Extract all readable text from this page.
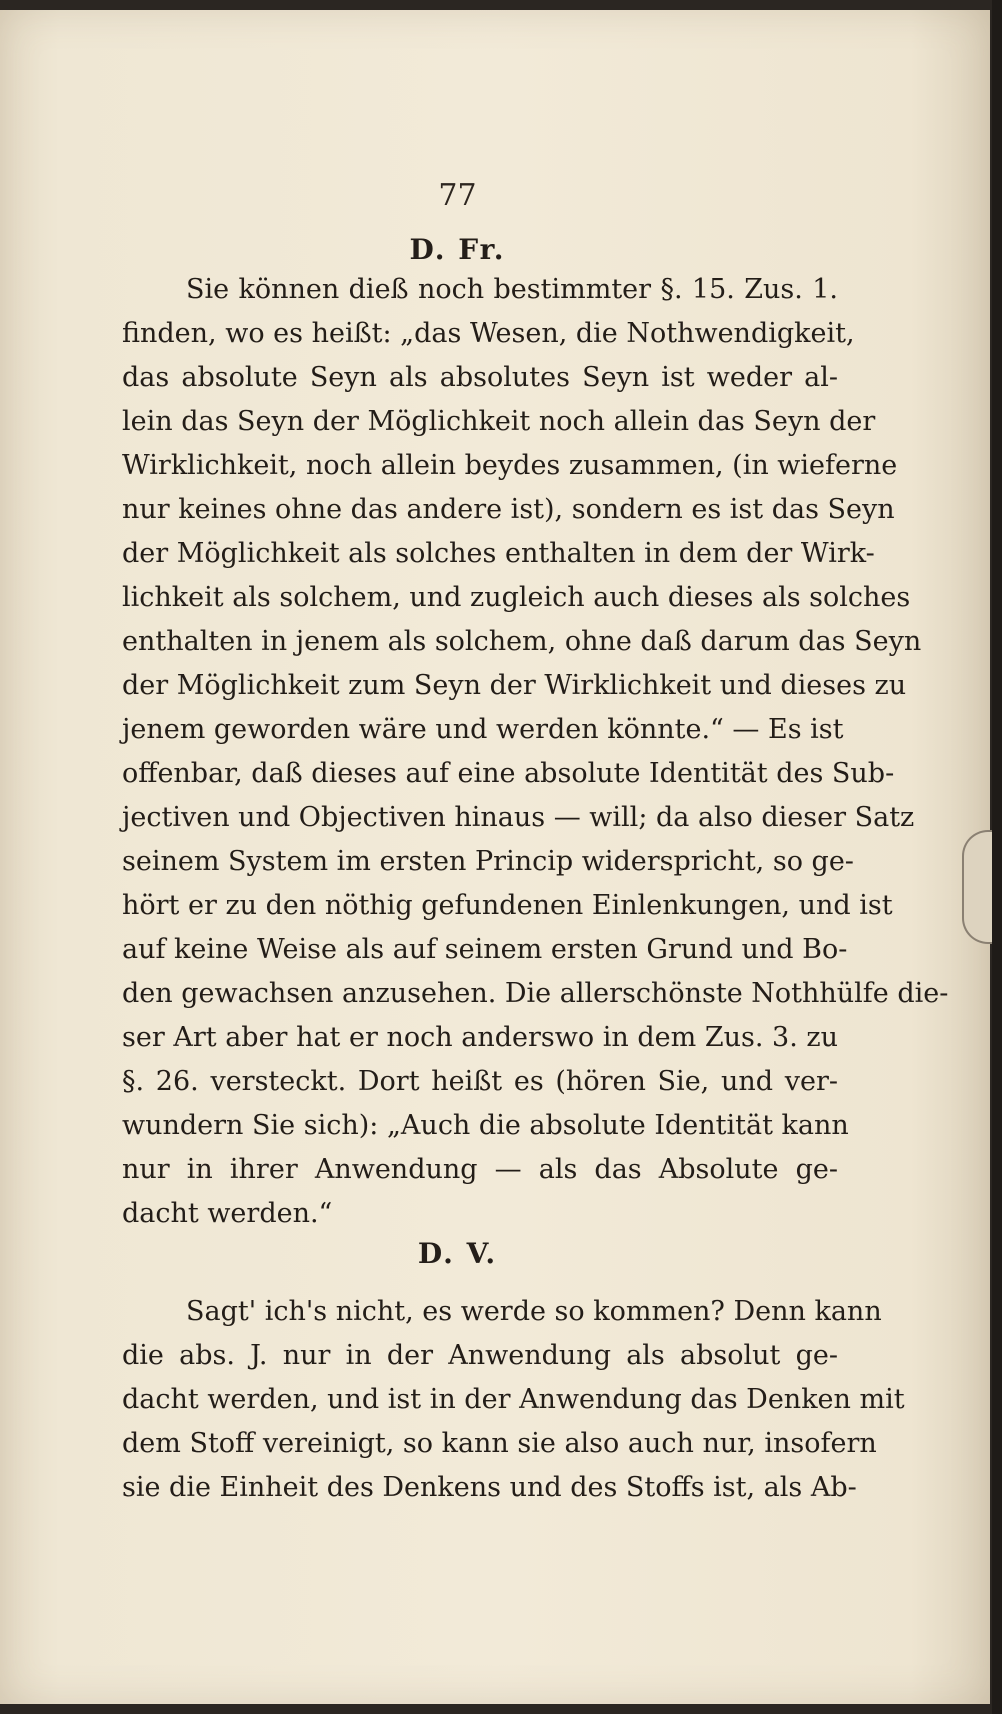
77
D. Fr.
Sie können dieß noch bestimmter §. 15. Zus. 1.
finden, wo es heißt: „das Wesen, die Nothwendigkeit,
das absolute Seyn als absolutes Seyn ist weder al-
lein das Seyn der Möglichkeit noch allein das Seyn der
Wirklichkeit, noch allein beydes zusammen, (in wieferne
nur keines ohne das andere ist), sondern es ist das Seyn
der Möglichkeit als solches enthalten in dem der Wirk-
lichkeit als solchem, und zugleich auch dieses als solches
enthalten in jenem als solchem, ohne daß darum das Seyn
der Möglichkeit zum Seyn der Wirklichkeit und dieses zu
jenem geworden wäre und werden könnte.“ — Es ist
offenbar, daß dieses auf eine absolute Identität des Sub-
jectiven und Objectiven hinaus — will; da also dieser Satz
seinem System im ersten Princip widerspricht, so ge-
hört er zu den nöthig gefundenen Einlenkungen, und ist
auf keine Weise als auf seinem ersten Grund und Bo-
den gewachsen anzusehen. Die allerschönste Nothhülfe die-
ser Art aber hat er noch anderswo in dem Zus. 3. zu
§. 26. versteckt. Dort heißt es (hören Sie, und ver-
wundern Sie sich): „Auch die absolute Identität kann
nur in ihrer Anwendung — als das Absolute ge-
dacht werden.“
D. V.
Sagt' ich's nicht, es werde so kommen? Denn kann
die abs. J. nur in der Anwendung als absolut ge-
dacht werden, und ist in der Anwendung das Denken mit
dem Stoff vereinigt, so kann sie also auch nur, insofern
sie die Einheit des Denkens und des Stoffs ist, als Ab-
